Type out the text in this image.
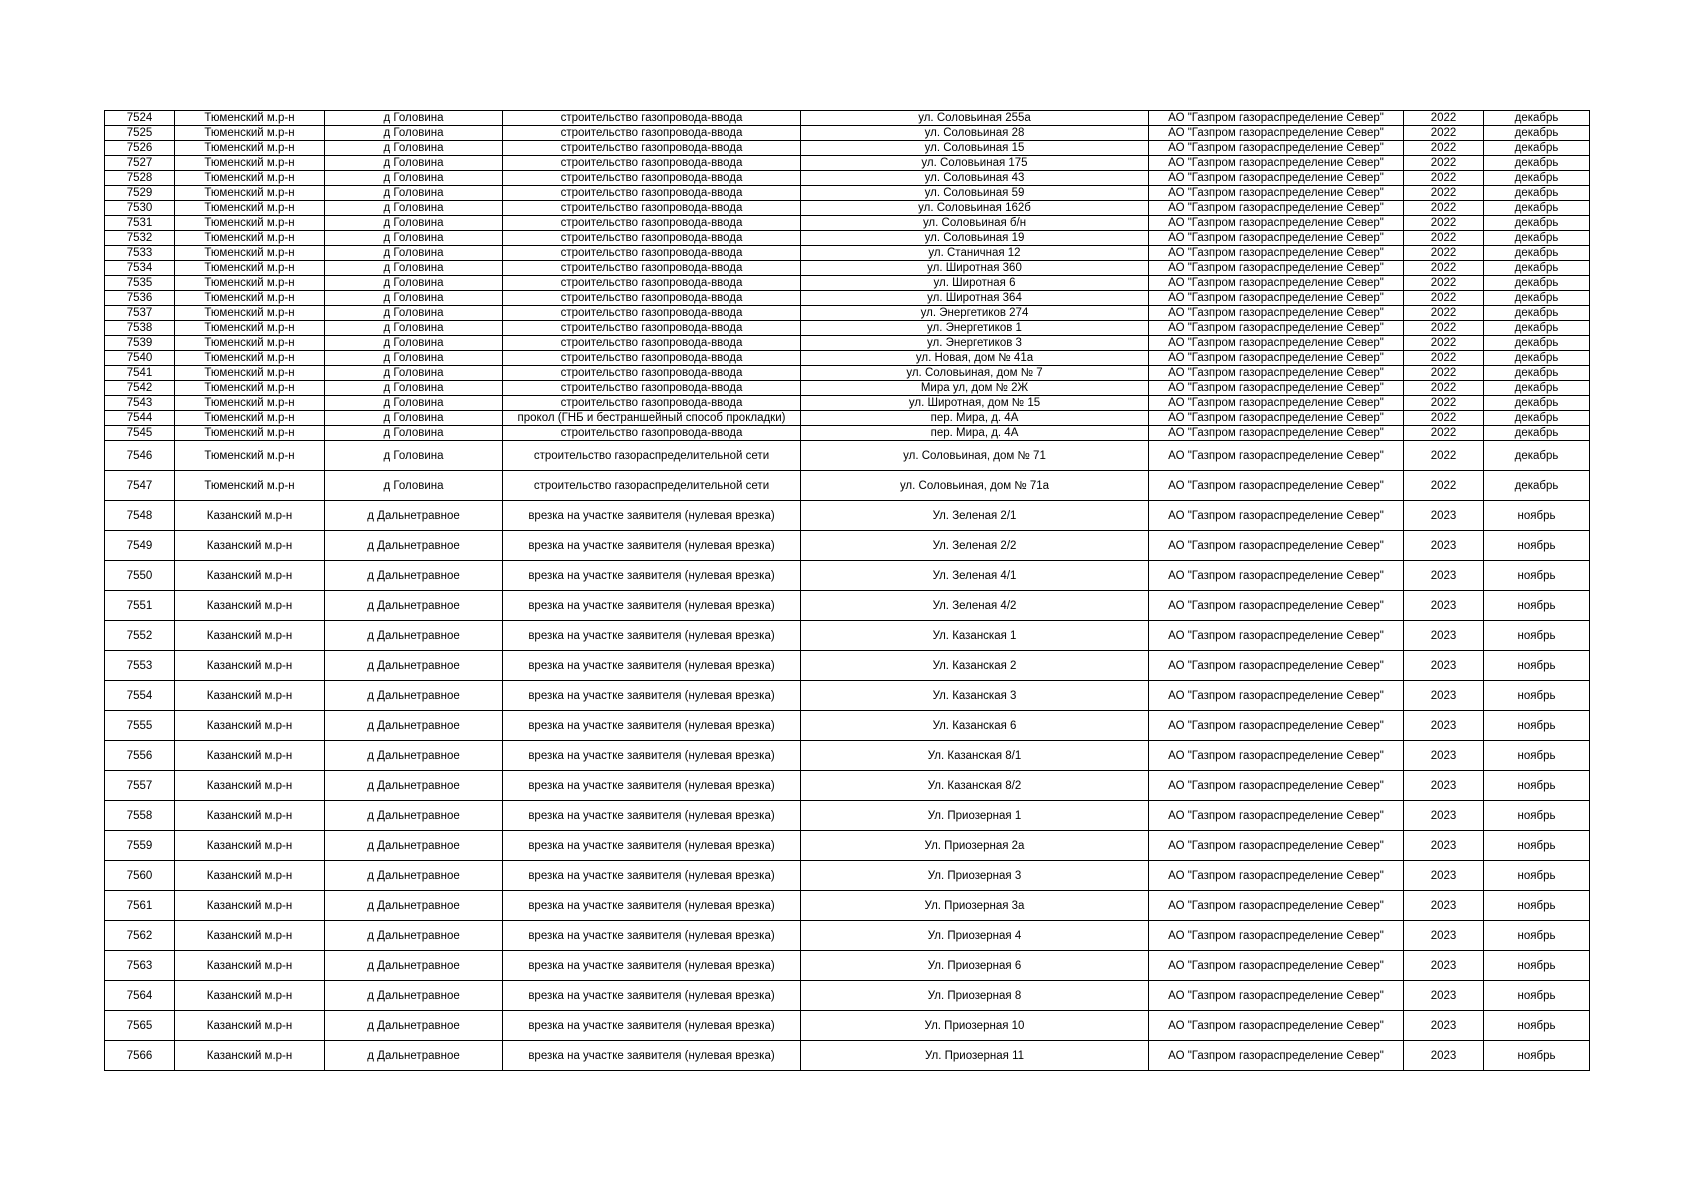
7524	Тюменский м.р-н	д Головина	строительство газопровода-ввода	ул. Соловьиная 255а	АО "Газпром газораспределение Север"	2022	декабрь
7525	Тюменский м.р-н	д Головина	строительство газопровода-ввода	ул. Соловьиная 28	АО "Газпром газораспределение Север"	2022	декабрь
7526	Тюменский м.р-н	д Головина	строительство газопровода-ввода	ул. Соловьиная 15	АО "Газпром газораспределение Север"	2022	декабрь
7527	Тюменский м.р-н	д Головина	строительство газопровода-ввода	ул. Соловьиная 175	АО "Газпром газораспределение Север"	2022	декабрь
7528	Тюменский м.р-н	д Головина	строительство газопровода-ввода	ул. Соловьиная 43	АО "Газпром газораспределение Север"	2022	декабрь
7529	Тюменский м.р-н	д Головина	строительство газопровода-ввода	ул. Соловьиная 59	АО "Газпром газораспределение Север"	2022	декабрь
7530	Тюменский м.р-н	д Головина	строительство газопровода-ввода	ул. Соловьиная 162б	АО "Газпром газораспределение Север"	2022	декабрь
7531	Тюменский м.р-н	д Головина	строительство газопровода-ввода	ул. Соловьиная б/н	АО "Газпром газораспределение Север"	2022	декабрь
7532	Тюменский м.р-н	д Головина	строительство газопровода-ввода	ул. Соловьиная 19	АО "Газпром газораспределение Север"	2022	декабрь
7533	Тюменский м.р-н	д Головина	строительство газопровода-ввода	ул. Станичная 12	АО "Газпром газораспределение Север"	2022	декабрь
7534	Тюменский м.р-н	д Головина	строительство газопровода-ввода	ул. Широтная 360	АО "Газпром газораспределение Север"	2022	декабрь
7535	Тюменский м.р-н	д Головина	строительство газопровода-ввода	ул. Широтная 6	АО "Газпром газораспределение Север"	2022	декабрь
7536	Тюменский м.р-н	д Головина	строительство газопровода-ввода	ул. Широтная 364	АО "Газпром газораспределение Север"	2022	декабрь
7537	Тюменский м.р-н	д Головина	строительство газопровода-ввода	ул. Энергетиков 274	АО "Газпром газораспределение Север"	2022	декабрь
7538	Тюменский м.р-н	д Головина	строительство газопровода-ввода	ул. Энергетиков 1	АО "Газпром газораспределение Север"	2022	декабрь
7539	Тюменский м.р-н	д Головина	строительство газопровода-ввода	ул. Энергетиков 3	АО "Газпром газораспределение Север"	2022	декабрь
7540	Тюменский м.р-н	д Головина	строительство газопровода-ввода	ул. Новая, дом № 41а	АО "Газпром газораспределение Север"	2022	декабрь
7541	Тюменский м.р-н	д Головина	строительство газопровода-ввода	ул. Соловьиная, дом № 7	АО "Газпром газораспределение Север"	2022	декабрь
7542	Тюменский м.р-н	д Головина	строительство газопровода-ввода	Мира ул, дом № 2Ж	АО "Газпром газораспределение Север"	2022	декабрь
7543	Тюменский м.р-н	д Головина	строительство газопровода-ввода	ул. Широтная, дом № 15	АО "Газпром газораспределение Север"	2022	декабрь
7544	Тюменский м.р-н	д Головина	прокол (ГНБ и бестраншейный способ прокладки)	пер. Мира, д. 4А	АО "Газпром газораспределение Север"	2022	декабрь
7545	Тюменский м.р-н	д Головина	строительство газопровода-ввода	пер. Мира, д. 4А	АО "Газпром газораспределение Север"	2022	декабрь
7546	Тюменский м.р-н	д Головина	строительство газораспределительной сети	ул. Соловьиная, дом № 71	АО "Газпром газораспределение Север"	2022	декабрь
7547	Тюменский м.р-н	д Головина	строительство газораспределительной сети	ул. Соловьиная, дом № 71а	АО "Газпром газораспределение Север"	2022	декабрь
7548	Казанский м.р-н	д Дальнетравное	врезка на участке заявителя (нулевая врезка)	Ул. Зеленая 2/1	АО "Газпром газораспределение Север"	2023	ноябрь
7549	Казанский м.р-н	д Дальнетравное	врезка на участке заявителя (нулевая врезка)	Ул. Зеленая 2/2	АО "Газпром газораспределение Север"	2023	ноябрь
7550	Казанский м.р-н	д Дальнетравное	врезка на участке заявителя (нулевая врезка)	Ул. Зеленая 4/1	АО "Газпром газораспределение Север"	2023	ноябрь
7551	Казанский м.р-н	д Дальнетравное	врезка на участке заявителя (нулевая врезка)	Ул. Зеленая 4/2	АО "Газпром газораспределение Север"	2023	ноябрь
7552	Казанский м.р-н	д Дальнетравное	врезка на участке заявителя (нулевая врезка)	Ул. Казанская 1	АО "Газпром газораспределение Север"	2023	ноябрь
7553	Казанский м.р-н	д Дальнетравное	врезка на участке заявителя (нулевая врезка)	Ул. Казанская 2	АО "Газпром газораспределение Север"	2023	ноябрь
7554	Казанский м.р-н	д Дальнетравное	врезка на участке заявителя (нулевая врезка)	Ул. Казанская 3	АО "Газпром газораспределение Север"	2023	ноябрь
7555	Казанский м.р-н	д Дальнетравное	врезка на участке заявителя (нулевая врезка)	Ул. Казанская 6	АО "Газпром газораспределение Север"	2023	ноябрь
7556	Казанский м.р-н	д Дальнетравное	врезка на участке заявителя (нулевая врезка)	Ул. Казанская 8/1	АО "Газпром газораспределение Север"	2023	ноябрь
7557	Казанский м.р-н	д Дальнетравное	врезка на участке заявителя (нулевая врезка)	Ул. Казанская 8/2	АО "Газпром газораспределение Север"	2023	ноябрь
7558	Казанский м.р-н	д Дальнетравное	врезка на участке заявителя (нулевая врезка)	Ул. Приозерная 1	АО "Газпром газораспределение Север"	2023	ноябрь
7559	Казанский м.р-н	д Дальнетравное	врезка на участке заявителя (нулевая врезка)	Ул. Приозерная 2а	АО "Газпром газораспределение Север"	2023	ноябрь
7560	Казанский м.р-н	д Дальнетравное	врезка на участке заявителя (нулевая врезка)	Ул. Приозерная 3	АО "Газпром газораспределение Север"	2023	ноябрь
7561	Казанский м.р-н	д Дальнетравное	врезка на участке заявителя (нулевая врезка)	Ул. Приозерная 3а	АО "Газпром газораспределение Север"	2023	ноябрь
7562	Казанский м.р-н	д Дальнетравное	врезка на участке заявителя (нулевая врезка)	Ул. Приозерная 4	АО "Газпром газораспределение Север"	2023	ноябрь
7563	Казанский м.р-н	д Дальнетравное	врезка на участке заявителя (нулевая врезка)	Ул. Приозерная 6	АО "Газпром газораспределение Север"	2023	ноябрь
7564	Казанский м.р-н	д Дальнетравное	врезка на участке заявителя (нулевая врезка)	Ул. Приозерная 8	АО "Газпром газораспределение Север"	2023	ноябрь
7565	Казанский м.р-н	д Дальнетравное	врезка на участке заявителя (нулевая врезка)	Ул. Приозерная 10	АО "Газпром газораспределение Север"	2023	ноябрь
7566	Казанский м.р-н	д Дальнетравное	врезка на участке заявителя (нулевая врезка)	Ул. Приозерная 11	АО "Газпром газораспределение Север"	2023	ноябрь
